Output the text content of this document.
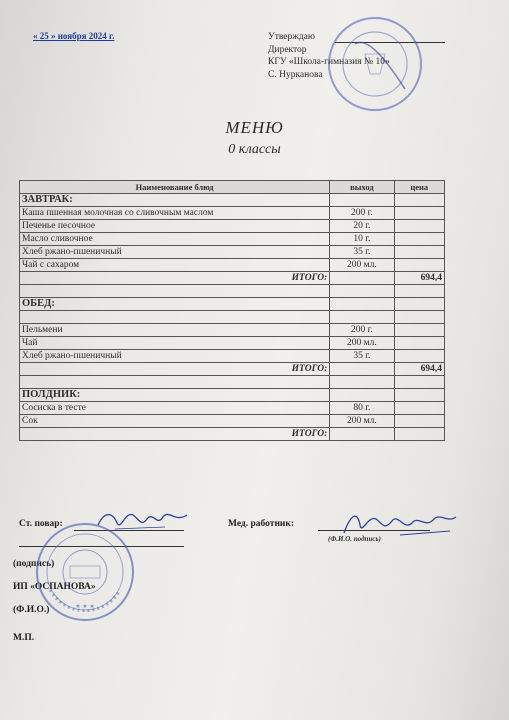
« 25 » ноября 2024 г.	Утверждаю
Директор
КГУ «Школа-гимназия № 10»
С. Нурканова
МЕНЮ
0 классы
Наименование блюд	выход	цена
ЗАВТРАК:		
Каша пшенная молочная со сливочным маслом	200 г.	
Печенье песочное	20 г.	
Масло сливочное	10 г.	
Хлеб ржано-пшеничный	35 г.	
Чай с сахаром	200 мл.	
ИТОГО:		694,4

ОБЕД:		

Пельмени	200 г.	
Чай	200 мл.	
Хлеб ржано-пшеничный	35 г.	
ИТОГО:		694,4

ПОЛДНИК:		
Сосиска в тесте	80 г.	
Сок	200 мл.	
ИТОГО:		
Ст. повар:
(подпись)
ИП «ОСПАНОВА»
(Ф.И.О.)
М.П.
Мед. работник:
(Ф.И.О. подпись)
★ ★ ★
